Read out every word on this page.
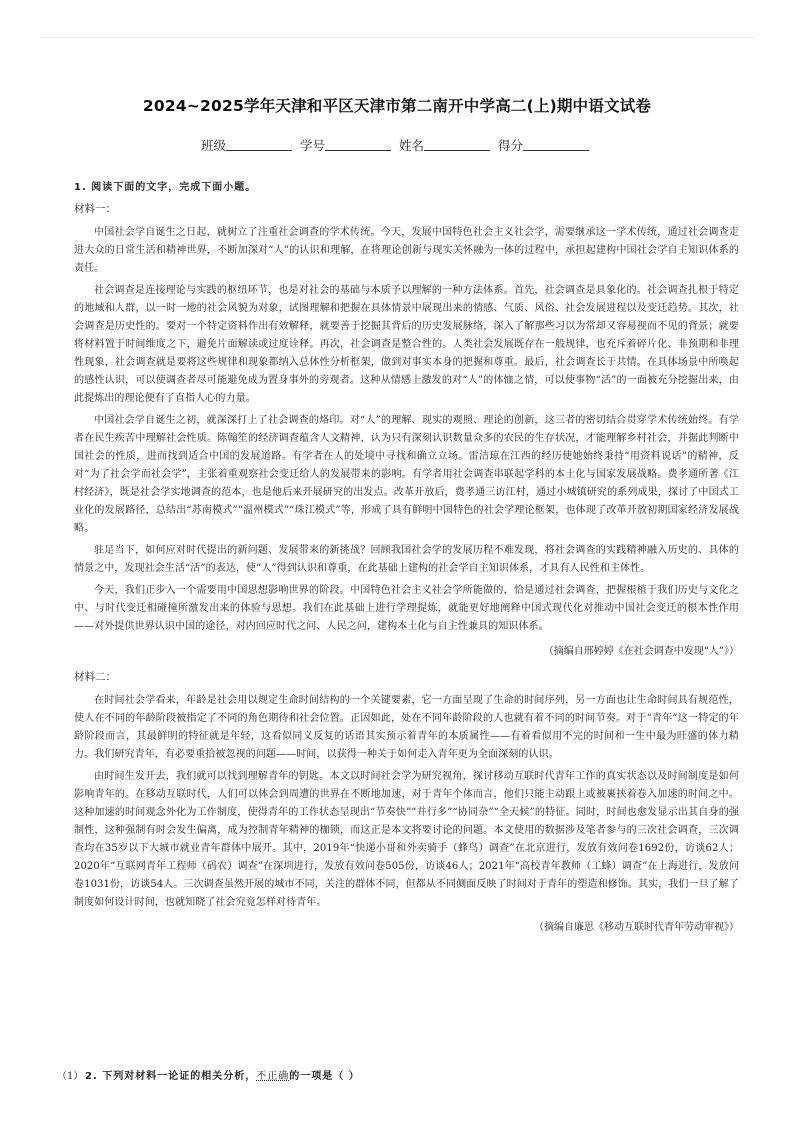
2024~2025学年天津和平区天津市第二南开中学高二(上)期中语文试卷
班级	学号	姓名	得分

1. 阅读下面的文字，完成下面小题。

材料一：

中国社会学自诞生之日起，就树立了注重社会调查的学术传统。今天，发展中国特色社会主义社会学，需要继承这一学术传统，通过社会调查走进大众的日常生活和精神世界，不断加深对“人”的认识和理解，在将理论创新与现实关怀融为一体的过程中，承担起建构中国社会学自主知识体系的责任。

社会调查是连接理论与实践的枢纽环节，也是对社会的基础与本质予以理解的一种方法体系。首先，社会调查是具象化的。社会调查扎根于特定的地域和人群，以一时一地的社会风貌为对象，试图理解和把握在具体情景中展现出来的情感、气质、风俗、社会发展进程以及变迁趋势。其次，社会调查是历史性的。要对一个特定资料作出有效解释，就要善于挖掘其背后的历史发展脉络，深入了解那些习以为常却又容易视而不见的背景；就要将材料置于时间维度之下，避免片面解读或过度诠释。再次，社会调查是整合性的。人类社会发展既存在一般规律，也充斥着碎片化、非预期和非理性现象，社会调查就是要将这些规律和现象都纳入总体性分析框架，做到对事实本身的把握和尊重。最后，社会调查长于共情。在具体场景中所唤起的感性认识，可以使调查者尽可能避免成为置身事外的旁观者。这种从情感上激发的对“人”的体恤之情，可以使事物“活”的一面被充分挖掘出来，由此提炼出的理论便有了直指人心的力量。

中国社会学自诞生之初，就深深打上了社会调查的烙印。对“人”的理解、现实的观照、理论的创新，这三者的密切结合贯穿学术传统始终。有学者在民生疾苦中理解社会性质。陈翰笙的经济调查蕴含人文精神，认为只有深刻认识数量众多的农民的生存状况，才能理解乡村社会，并据此判断中国社会的性质，进而找到适合中国的发展道路。有学者在人的处境中寻找和确立立场。雷洁琼在江西的经历使她始终秉持“用资料说话”的精神，反对“为了社会学而社会学”，主张着重观察社会变迁给人的发展带来的影响。有学者用社会调查串联起学科的本土化与国家发展战略。费孝通所著《江村经济》，既是社会学实地调查的范本，也是他后来开展研究的出发点。改革开放后，费孝通三访江村，通过小城镇研究的系列成果，探讨了中国式工业化的发展路径，总结出“苏南模式”“温州模式”“珠江模式”等，形成了具有鲜明中国特色的社会学理论框架，也体现了改革开放初期国家经济发展战略。

驻足当下，如何应对时代提出的新问题、发展带来的新挑战？回顾我国社会学的发展历程不难发现，将社会调查的实践精神融入历史的、具体的情景之中，发现社会生活“活”的表达，使“人”得到认识和尊重，在此基础上建构的社会学自主知识体系，才具有人民性和主体性。

今天，我们正步入一个需要用中国思想影响世界的阶段。中国特色社会主义社会学所能做的，恰是通过社会调查，把握根植于我们历史与文化之中、与时代变迁相碰撞所激发出来的体验与思想。我们在此基础上进行学理提炼，就能更好地阐释中国式现代化对推动中国社会变迁的根本性作用——对外提供世界认识中国的途径，对内回应时代之问、人民之问，建构本土化与自主性兼具的知识体系。

（摘编自邢婷婷《在社会调查中发现“人”》）

材料二：

在时间社会学看来，年龄是社会用以规定生命时间结构的一个关键要素，它一方面呈现了生命的时间序列，另一方面也让生命时间具有规范性，使人在不同的年龄阶段被指定了不同的角色期待和社会位置。正因如此，处在不同年龄阶段的人也就有着不同的时间节奏。对于“青年”这一特定的年龄阶段而言，其最鲜明的特征就是年轻，这看似同义反复的话语其实预示着青年的本质属性——有着看似用不完的时间和一生中最为旺盛的体力精力。我们研究青年，有必要重拾被忽视的问题——时间，以获得一种关于如何走入青年更为全面深刻的认识。

由时间生发开去，我们就可以找到理解青年的钥匙。本文以时间社会学为研究视角，探讨移动互联时代青年工作的真实状态以及时间制度是如何影响青年的。在移动互联时代，人们可以体会到周遭的世界在不断地加速，对于青年个体而言，他们只能主动跟上或被裹挟着卷入加速的时间之中。这种加速的时间观念外化为工作制度，使得青年的工作状态呈现出“节奏快”“并行多”“协同杂”“全天候”的特征。同时，时间也愈发显示出其自身的强制性，这种强制有时会发生偏离，成为控制青年精神的枷锁，而这正是本文将要讨论的问题。本文使用的数据涉及笔者参与的三次社会调查，三次调查均在35岁以下大城市就业青年群体中展开。其中，2019年“快递小哥和外卖骑手（蜂鸟）调查”在北京进行，发放有效问卷1692份，访谈62人；2020年“互联网青年工程师（码农）调查”在深圳进行，发放有效问卷505份，访谈46人；2021年“高校青年教师（工蜂）调查”在上海进行，发放问卷1031份，访谈54人。三次调查虽然开展的城市不同，关注的群体不同，但都从不同侧面反映了时间对于青年的塑造和修饰。其实，我们一旦了解了制度如何设计时间，也就知晓了社会究竟怎样对待青年。

（摘编自廉思《移动互联时代青年劳动审视》）

（1） 2. 下列对材料一论证的相关分析，不正确的一项是（ ）
